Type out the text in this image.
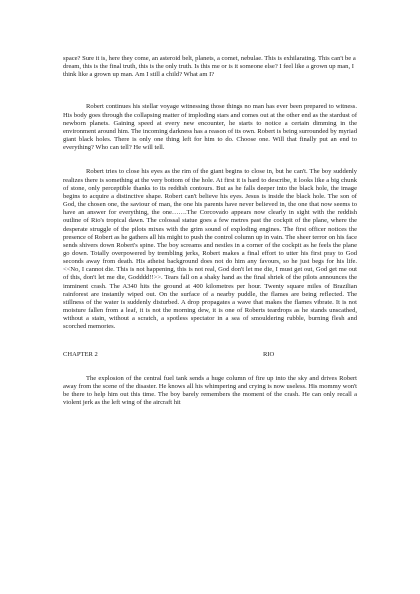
space? Sure it is, here they come, an asteroid belt, planets, a comet, nebulae. This is exhilarating. This can't be a dream, this is the final truth, this is the only truth. Is this me or is it someone else? I feel like a grown up man, I think like a grown up man. Am I still a child? What am I?

Robert continues his stellar voyage witnessing those things no man has ever been prepared to witness. His body goes through the collapsing matter of imploding stars and comes out at the other end as the stardust of newborn planets. Gaining speed at every new encounter, he starts to notice a certain dimming in the environment around him. The incoming darkness has a reason of its own. Robert is being surrounded by myriad giant black holes. There is only one thing left for him to do. Choose one. Will that finally put an end to everything? Who can tell? He will tell.

Robert tries to close his eyes as the rim of the giant begins to close in, but he can't. The boy suddenly realizes there is something at the very bottom of the hole. At first it is hard to describe, it looks like a big chunk of stone, only perceptible thanks to its reddish contours. But as he falls deeper into the black hole, the image begins to acquire a distinctive shape. Robert can't believe his eyes. Jesus is inside the black hole. The son of God, the chosen one, the saviour of man, the one his parents have never believed in, the one that now seems to have an answer for everything, the one…….The Corcovado appears now clearly in sight with the reddish outline of Rio's tropical dawn. The colossal statue goes a few metres past the cockpit of the plane, where the desperate struggle of the pilots mixes with the grim sound of exploding engines. The first officer notices the presence of Robert as he gathers all his might to push the control column up in vain. The sheer terror on his face sends shivers down Robert's spine. The boy screams and nestles in a corner of the cockpit as he feels the plane go down. Totally overpowered by trembling jerks, Robert makes a final effort to utter his first pray to God seconds away from death. His atheist background does not do him any favours, so he just begs for his life. <<No, I cannot die. This is not happening, this is not real, God don't let me die, I must get out, God get me out of this, don't let me die, Godddd!!>>. Tears fall on a shaky hand as the final shriek of the pilots announces the imminent crash. The A340 hits the ground at 400 kilometres per hour. Twenty square miles of Brazilian rainforest are instantly wiped out. On the surface of a nearby puddle, the flames are being reflected. The stillness of the water is suddenly disturbed. A drop propagates a wave that makes the flames vibrate. It is not moisture fallen from a leaf, it is not the morning dew, it is one of Roberts teardrops as he stands unscathed, without a stain, without a scratch, a spotless spectator in a sea of smouldering rubble, burning flesh and scorched memories.

CHAPTER 2	RIO

The explosion of the central fuel tank sends a huge column of fire up into the sky and drives Robert away from the scene of the disaster. He knows all his whimpering and crying is now useless. His mommy won't be there to help him out this time. The boy barely remembers the moment of the crash. He can only recall a violent jerk as the left wing of the aircraft hit
